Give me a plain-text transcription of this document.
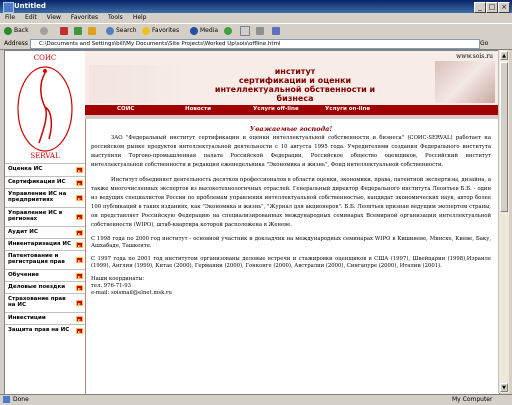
Untitled	_ □ ×
File Edit View Favorites Tools Help
Back	Search	Favorites	Media
Address	C:\Documents and Settings\bill\My Documents\Site Projects\Worked Up\sois\offline.html	Go
СОИС
SERVAL
Оценка ИС	►
Сертификация ИС	►
Управление ИС на предприятиях	►
Управление ИС в регионах	►
Аудит ИС	►
Инвентаризация ИС	►
Патентование и регистрация прав	►
Обучение	►
Деловые поездки	►
Страхование прав на ИС	►
Инвестиции	►
Защита прав на ИС	►
www.sois.ru
институт
сертификации и оценки
интеллектуальной обственности и бизнеса
СОИС	Новости	Услуги off-line	Услуги on-line
Уважаемые господа!

ЗАО "Федеральный институт сертификации и оценки интеллектуальной собственности и бизнеса" (СОИС-SERVAL) работает на российском рынке продуктов интеллектуальной деятельности с 10 августа 1995 года. Учредителями создания Федерального института выступили Торгово-промышленная палата Российской Федерации, Российское общество оценщиков, Российский институт интеллектуальной собственности и редакция еженедельника "Экономика и жизнь", Фонд интеллектуальной собственности.

Институт объединяет деятельность десятков профессионалов в области оценки, экономики, права, патентной экспертизы, дизайна, а также многочисленных экспертов из высокотехнологичных отраслей. Генеральный директор Федерального института Леонтьев Б.Б. - один из ведущих специалистов России по проблемам управления интеллектуальной собственностью, кандидат экономических наук, автор более 100 публикаций в таких изданиях, как "Экономика и жизнь", "Журнал для акционеров". Б.Б. Леонтьев признан ведущим экспертом страны, он представляет Российскую Федерацию на специализированных международных семинарах Всемирной организации интеллектуальной собственности (WIPO), штаб-квартира которой расположена в Женеве.

С 1998 года по 2000 год институт - основной участник и докладчик на международных семинарах WIPO в Кишиневе, Минске, Киеве, Баку, Ашхабаде, Ташкенте.

С 1997 года по 2001 год институтом организованы деловые встречи и стажировки оценщиков в США (1997), Швейцарии (1998),Израиле (1999), Англии (1999), Китае (2000), Германии (2000), Гонконге (2000), Австралии (2000), Сингапуре (2000), Италии (2001).

Наши координаты:
тел. 976-71-93
e-mail: soismail@elnet.msk.ru
▲
▼
Done	My Computer
